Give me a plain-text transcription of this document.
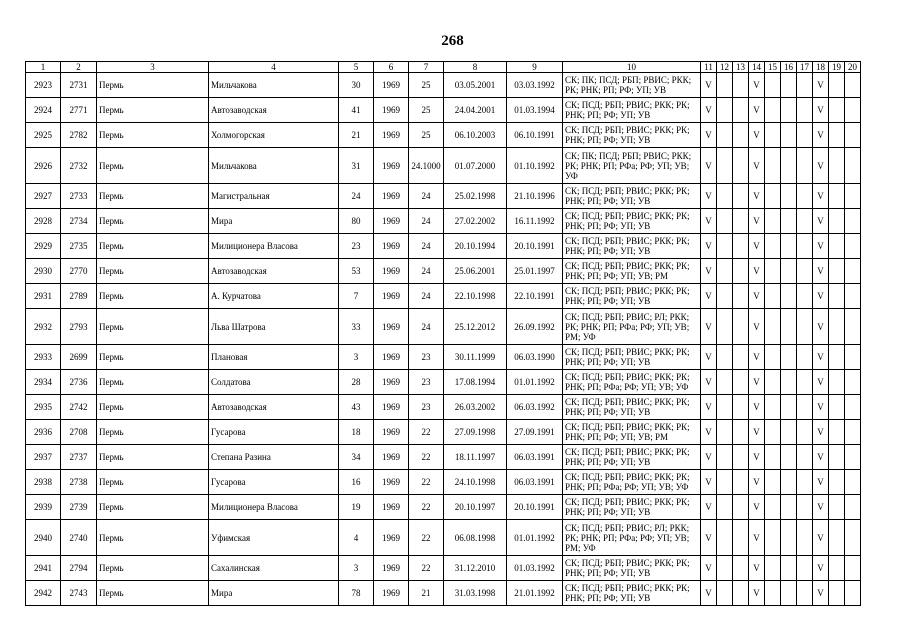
268
1	2	3	4	5	6	7	8	9	10	11	12	13	14	15	16	17	18	19	20
2923	2731	Пермь	Мильчакова	30	1969	25	03.05.2001	03.03.1992	СК; ПК; ПСД; РБП; РВИС; РКК; РК; РНК; РП; РФ; УП; УВ	V			V				V		
2924	2771	Пермь	Автозаводская	41	1969	25	24.04.2001	01.03.1994	СК; ПСД; РБП; РВИС; РКК; РК; РНК; РП; РФ; УП; УВ	V			V				V		
2925	2782	Пермь	Холмогорская	21	1969	25	06.10.2003	06.10.1991	СК; ПСД; РБП; РВИС; РКК; РК; РНК; РП; РФ; УП; УВ	V			V				V		
2926	2732	Пермь	Мильчакова	31	1969	24.1000	01.07.2000	01.10.1992	СК; ПК; ПСД; РБП; РВИС; РКК; РК; РНК; РП; РФа; РФ; УП; УВ; УФ	V			V				V		
2927	2733	Пермь	Магистральная	24	1969	24	25.02.1998	21.10.1996	СК; ПСД; РБП; РВИС; РКК; РК; РНК; РП; РФ; УП; УВ	V			V				V		
2928	2734	Пермь	Мира	80	1969	24	27.02.2002	16.11.1992	СК; ПСД; РБП; РВИС; РКК; РК; РНК; РП; РФ; УП; УВ	V			V				V		
2929	2735	Пермь	Милиционера Власова	23	1969	24	20.10.1994	20.10.1991	СК; ПСД; РБП; РВИС; РКК; РК; РНК; РП; РФ; УП; УВ	V			V				V		
2930	2770	Пермь	Автозаводская	53	1969	24	25.06.2001	25.01.1997	СК; ПСД; РБП; РВИС; РКК; РК; РНК; РП; РФ; УП; УВ; РМ	V			V				V		
2931	2789	Пермь	А. Курчатова	7	1969	24	22.10.1998	22.10.1991	СК; ПСД; РБП; РВИС; РКК; РК; РНК; РП; РФ; УП; УВ	V			V				V		
2932	2793	Пермь	Льва Шатрова	33	1969	24	25.12.2012	26.09.1992	СК; ПСД; РБП; РВИС; РЛ; РКК; РК; РНК; РП; РФа; РФ; УП; УВ; РМ; УФ	V			V				V		
2933	2699	Пермь	Плановая	3	1969	23	30.11.1999	06.03.1990	СК; ПСД; РБП; РВИС; РКК; РК; РНК; РП; РФ; УП; УВ	V			V				V		
2934	2736	Пермь	Солдатова	28	1969	23	17.08.1994	01.01.1992	СК; ПСД; РБП; РВИС; РКК; РК; РНК; РП; РФа; РФ; УП; УВ; УФ	V			V				V		
2935	2742	Пермь	Автозаводская	43	1969	23	26.03.2002	06.03.1992	СК; ПСД; РБП; РВИС; РКК; РК; РНК; РП; РФ; УП; УВ	V			V				V		
2936	2708	Пермь	Гусарова	18	1969	22	27.09.1998	27.09.1991	СК; ПСД; РБП; РВИС; РКК; РК; РНК; РП; РФ; УП; УВ; РМ	V			V				V		
2937	2737	Пермь	Степана Разина	34	1969	22	18.11.1997	06.03.1991	СК; ПСД; РБП; РВИС; РКК; РК; РНК; РП; РФ; УП; УВ	V			V				V		
2938	2738	Пермь	Гусарова	16	1969	22	24.10.1998	06.03.1991	СК; ПСД; РБП; РВИС; РКК; РК; РНК; РП; РФа; РФ; УП; УВ; УФ	V			V				V		
2939	2739	Пермь	Милиционера Власова	19	1969	22	20.10.1997	20.10.1991	СК; ПСД; РБП; РВИС; РКК; РК; РНК; РП; РФ; УП; УВ	V			V				V		
2940	2740	Пермь	Уфимская	4	1969	22	06.08.1998	01.01.1992	СК; ПСД; РБП; РВИС; РЛ; РКК; РК; РНК; РП; РФа; РФ; УП; УВ; РМ; УФ	V			V				V		
2941	2794	Пермь	Сахалинская	3	1969	22	31.12.2010	01.03.1992	СК; ПСД; РБП; РВИС; РКК; РК; РНК; РП; РФ; УП; УВ	V			V				V		
2942	2743	Пермь	Мира	78	1969	21	31.03.1998	21.01.1992	СК; ПСД; РБП; РВИС; РКК; РК; РНК; РП; РФ; УП; УВ	V			V				V		
